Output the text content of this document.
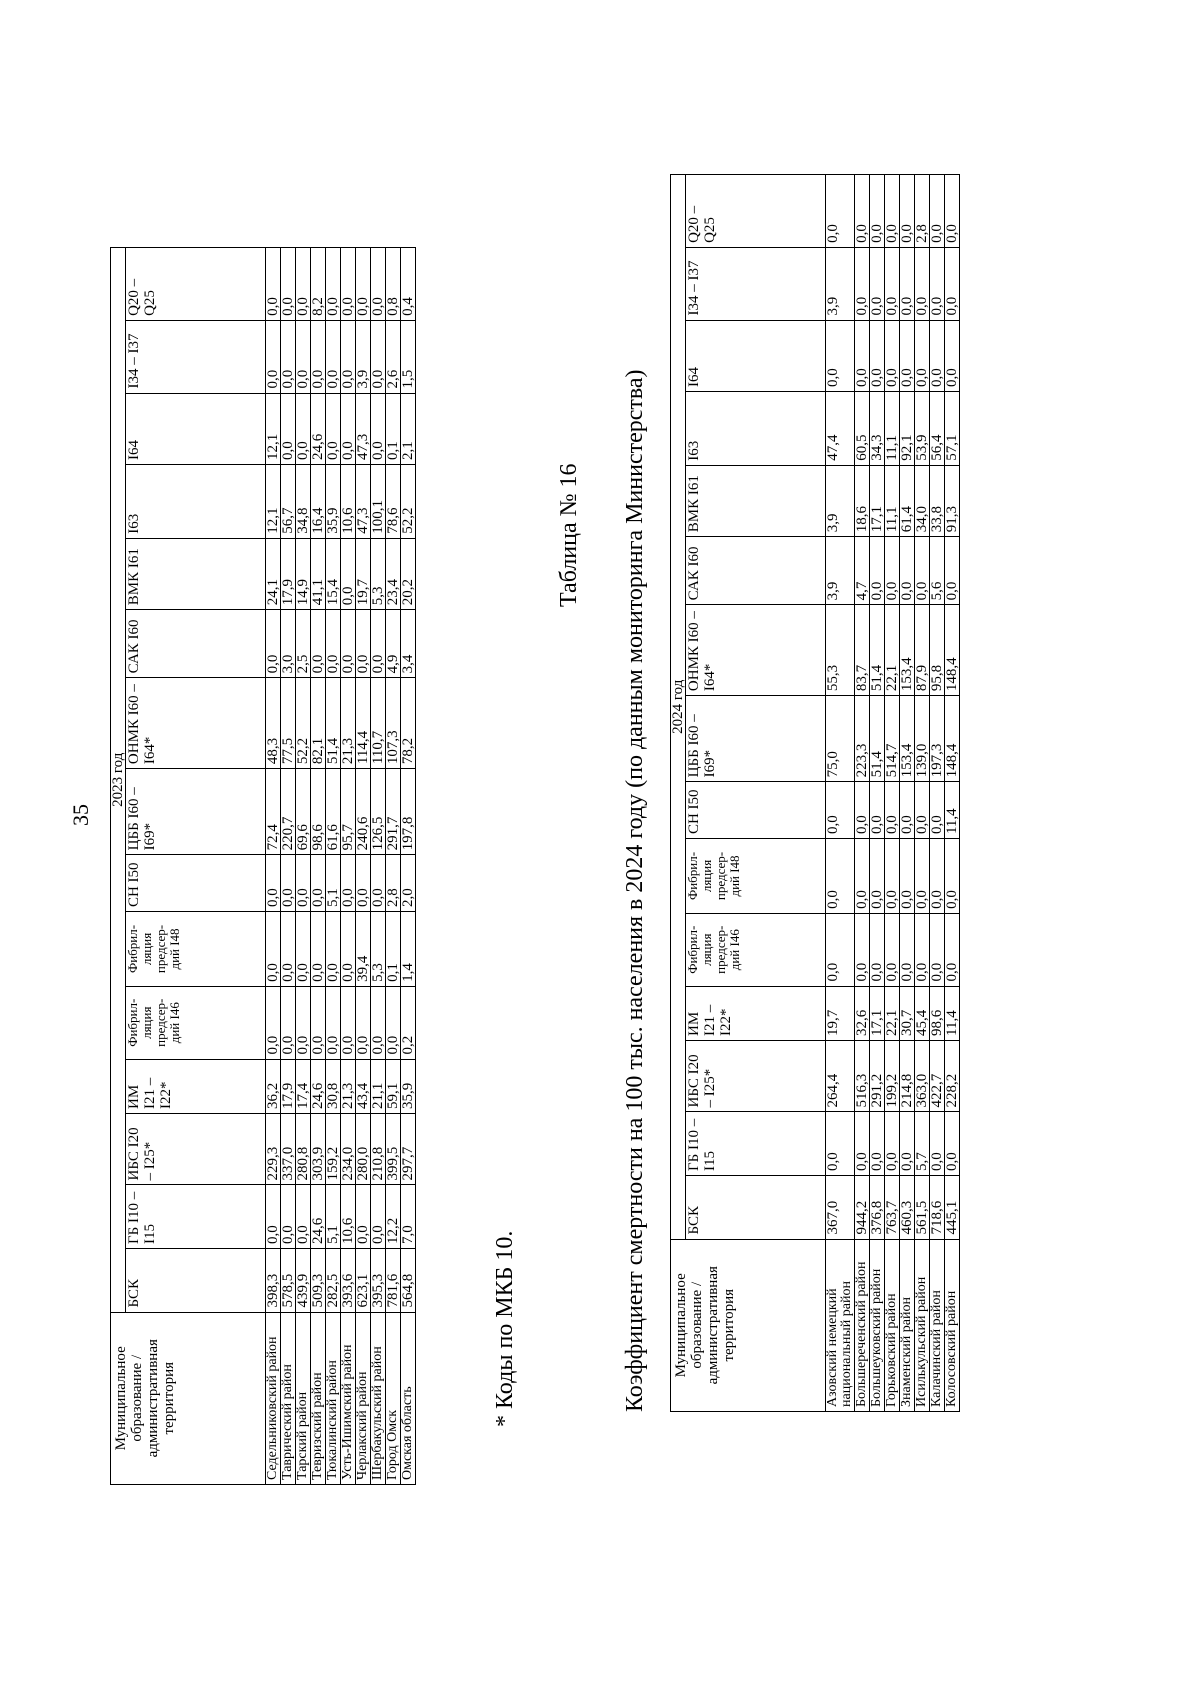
35
Муниципальное образование / административная территория	2023 год														
	БСК	ГБ I10 – I15	ИБС I20 – I25*	ИМ I21 – I22*	Фибрил-ляция предсер-дий I46	Фибрил-ляция предсер-дий I48	СН I50	ЦББ I60 – I69*	ОНМК I60 – I64*	САК I60	ВМК I61	I63	I64	I34 – I37	Q20 – Q25
Седельниковский район	398,3	0,0	229,3	36,2	0,0	0,0	0,0	72,4	48,3	0,0	24,1	12,1	12,1	0,0	0,0
Таврический район	578,5	0,0	337,0	17,9	0,0	0,0	0,0	220,7	77,5	3,0	17,9	56,7	0,0	0,0	0,0
Тарский район	439,9	0,0	280,8	17,4	0,0	0,0	0,0	69,6	52,2	2,5	14,9	34,8	0,0	0,0	0,0
Тевризский район	509,3	24,6	303,9	24,6	0,0	0,0	0,0	98,6	82,1	0,0	41,1	16,4	24,6	0,0	8,2
Тюкалинский район	282,5	5,1	159,2	30,8	0,0	0,0	5,1	61,6	51,4	0,0	15,4	35,9	0,0	0,0	0,0
Усть-Ишимский район	393,6	10,6	234,0	21,3	0,0	0,0	0,0	95,7	21,3	0,0	0,0	10,6	0,0	0,0	0,0
Черлакский район	623,1	0,0	280,0	43,4	0,0	39,4	0,0	240,6	114,4	0,0	19,7	47,3	47,3	3,9	0,0
Шербакульский район	395,3	0,0	210,8	21,1	0,0	5,3	0,0	126,5	110,7	0,0	5,3	100,1	0,0	0,0	0,0
Город Омск	781,6	12,2	399,5	59,1	0,0	0,1	2,8	291,7	107,3	4,9	23,4	78,6	0,1	2,6	0,8
Омская область	564,8	7,0	297,7	35,9	0,2	1,4	2,0	197,8	78,2	3,4	20,2	52,2	2,1	1,5	0,4
* Коды по МКБ 10.
Таблица № 16 Коэффициент смертности на 100 тыс. населения в 2024 году (по данным мониторинга Министерства) Муниципальное образование / административная территория	2024 год														
	БСК	ГБ I10 – I15	ИБС I20 – I25*	ИМ I21 – I22*	Фибрил-ляция предсер-дий I46	Фибрил-ляция предсер-дий I48	СН I50	ЦББ I60 – I69*	ОНМК I60 – I64*	САК I60	ВМК I61	I63	I64	I34 – I37	Q20 – Q25
Азовский немецкий национальный район	367,0	0,0	264,4	19,7	0,0	0,0	0,0	75,0	55,3	3,9	3,9	47,4	0,0	3,9	0,0
Большереченский район	944,2	0,0	516,3	32,6	0,0	0,0	0,0	223,3	83,7	4,7	18,6	60,5	0,0	0,0	0,0
Большеуковский район	376,8	0,0	291,2	17,1	0,0	0,0	0,0	51,4	51,4	0,0	17,1	34,3	0,0	0,0	0,0
Горьковский район	763,7	0,0	199,2	22,1	0,0	0,0	0,0	514,7	22,1	0,0	11,1	11,1	0,0	0,0	0,0
Знаменский район	460,3	0,0	214,8	30,7	0,0	0,0	0,0	153,4	153,4	0,0	61,4	92,1	0,0	0,0	0,0
Исилькульский район	561,5	5,7	363,0	45,4	0,0	0,0	0,0	139,0	87,9	0,0	34,0	53,9	0,0	0,0	2,8
Калачинский район	718,6	0,0	422,7	98,6	0,0	0,0	0,0	197,3	95,8	5,6	33,8	56,4	0,0	0,0	0,0
Колосовский район	445,1	0,0	228,2	11,4	0,0	0,0	11,4	148,4	148,4	0,0	91,3	57,1	0,0	0,0	0,0
